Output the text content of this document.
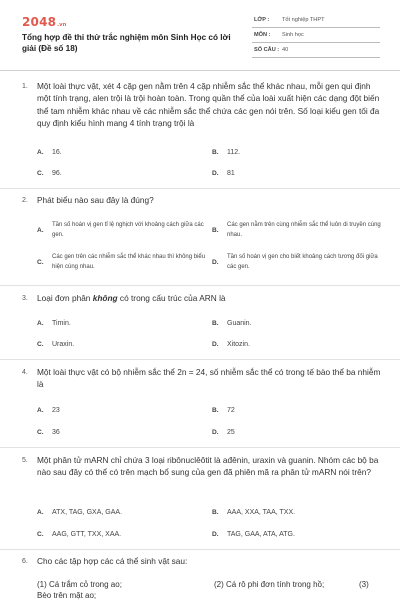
2048.vn
Tổng hợp đề thi thử trắc nghiệm môn Sinh Học có lời giải (Đề số 18)
LỚP : Tốt nghiệp THPT
MÔN : Sinh học
SỐ CÂU : 40
1. Một loài thực vật, xét 4 cặp gen nằm trên 4 cặp nhiễm sắc thể khác nhau, mỗi gen qui định một tính trạng, alen trội là trội hoàn toàn. Trong quần thể của loài xuất hiện các dạng đột biến thể tam nhiễm khác nhau về các nhiễm sắc thể chứa các gen nói trên. Số loại kiểu gen tối đa quy định kiểu hình mang 4 tính trạng trội là
A. 16.	B. 112.
C. 96.	D. 81
2. Phát biểu nào sau đây là đúng?
A.
Tần số hoán vị gen tỉ lệ nghịch với khoảng cách giữa các gen.
B.
Các gen nằm trên cùng nhiễm sắc thể luôn di truyền cùng nhau.
C.
Các gen trên các nhiễm sắc thể khác nhau thì không biểu hiện cùng nhau.
D.
Tần số hoán vị gen cho biết khoảng cách tương đối giữa các gen.
3. Loại đơn phân không có trong cấu trúc của ARN là
A. Timin.	B. Guanin.
C. Uraxin.	D. Xitozin.
4. Một loài thực vật có bộ nhiễm sắc thể 2n = 24, số nhiễm sắc thể có trong tế bào thể ba nhiễm là
A. 23	B. 72
C. 36	D. 25
5. Một phân tử mARN chỉ chứa 3 loại ribônuclêôtit là ađênin, uraxin và guanin. Nhóm các bộ ba nào sau đây có thể có trên mạch bổ sung của gen đã phiên mã ra phân tử mARN nói trên?
A. ATX, TAG, GXA, GAA.	B. AAA, XXA, TAA, TXX.
C. AAG, GTT, TXX, XAA.	D. TAG, GAA, ATA, ATG.
6. Cho các tập hợp các cá thể sinh vật sau:
(1) Cá trắm cỏ trong ao;	(2) Cá rô phi đơn tính trong hồ;	(3)
Bèo trên mặt ao;
